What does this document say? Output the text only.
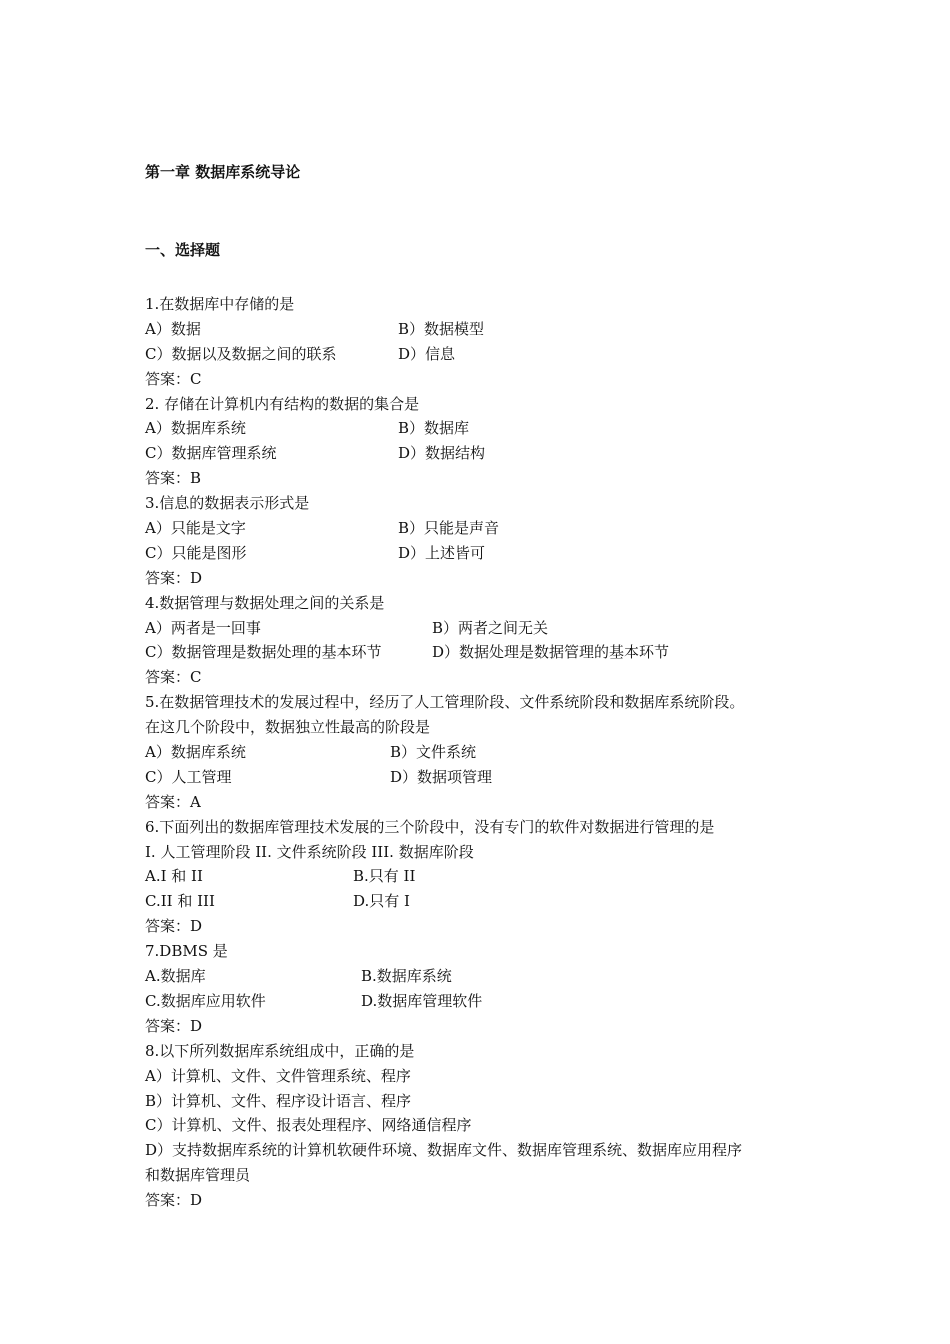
第一章 数据库系统导论
一、选择题
1.在数据库中存储的是
A）数据	B）数据模型
C）数据以及数据之间的联系	D）信息
答案：C
2. 存储在计算机内有结构的数据的集合是
A）数据库系统	B）数据库
C）数据库管理系统	D）数据结构
答案：B
3.信息的数据表示形式是
A）只能是文字	B）只能是声音
C）只能是图形	D）上述皆可
答案：D
4.数据管理与数据处理之间的关系是
A）两者是一回事	B）两者之间无关
C）数据管理是数据处理的基本环节	D）数据处理是数据管理的基本环节
答案：C
5.在数据管理技术的发展过程中，经历了人工管理阶段、文件系统阶段和数据库系统阶段。
在这几个阶段中，数据独立性最高的阶段是
A）数据库系统	B）文件系统
C）人工管理	D）数据项管理
答案：A
6.下面列出的数据库管理技术发展的三个阶段中，没有专门的软件对数据进行管理的是
I. 人工管理阶段 II. 文件系统阶段 III. 数据库阶段
A.I 和 II	B.只有 II
C.II 和 III	D.只有 I
答案：D
7.DBMS 是
A.数据库	B.数据库系统
C.数据库应用软件	D.数据库管理软件
答案：D
8.以下所列数据库系统组成中，正确的是
A）计算机、文件、文件管理系统、程序
B）计算机、文件、程序设计语言、程序
C）计算机、文件、报表处理程序、网络通信程序
D）支持数据库系统的计算机软硬件环境、数据库文件、数据库管理系统、数据库应用程序
和数据库管理员
答案：D
